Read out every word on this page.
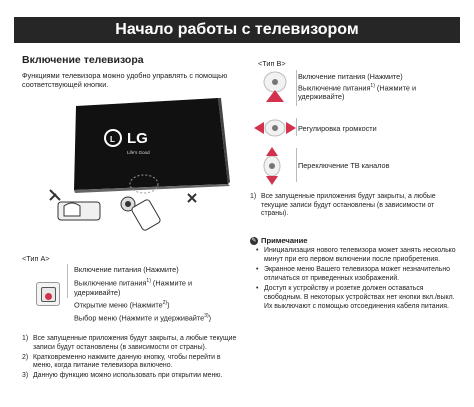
Начало работы с телевизором
Включение телевизора
Функциями телевизора можно удобно управлять с помощью соответствующей кнопки.
L LG
Life's Good
<Тип A>
Включение питания (Нажмите)
Выключение питания$^{1)}$ (Нажмите и удерживайте)
Открытие меню (Нажмите$^{2)}$)
Выбор меню (Нажмите и удерживайте$^{3)}$)
1) Все запущенные приложения будут закрыты, а любые текущие записи будут остановлены (в зависимости от страны).
2) Кратковременно нажмите данную кнопку, чтобы перейти в меню, когда питание телевизора включено.
3) Данную функцию можно использовать при открытии меню.
<Тип B>
Включение питания (Нажмите)
Выключение питания$^{1)}$ (Нажмите и удерживайте)
Регулировка громкости
Переключение ТВ каналов
1) Все запущенные приложения будут закрыты, а любые текущие записи будут остановлены (в зависимости от страны).
✎ Примечание
• Инициализация нового телевизора может занять несколько минут при его первом включении после приобретения.
• Экранное меню Вашего телевизора может незначительно отличаться от приведенных изображений.
• Доступ к устройству и розетке должен оставаться свободным. В некоторых устройствах нет кнопки вкл./выкл. Их выключают с помощью отсоединения кабеля питания.
